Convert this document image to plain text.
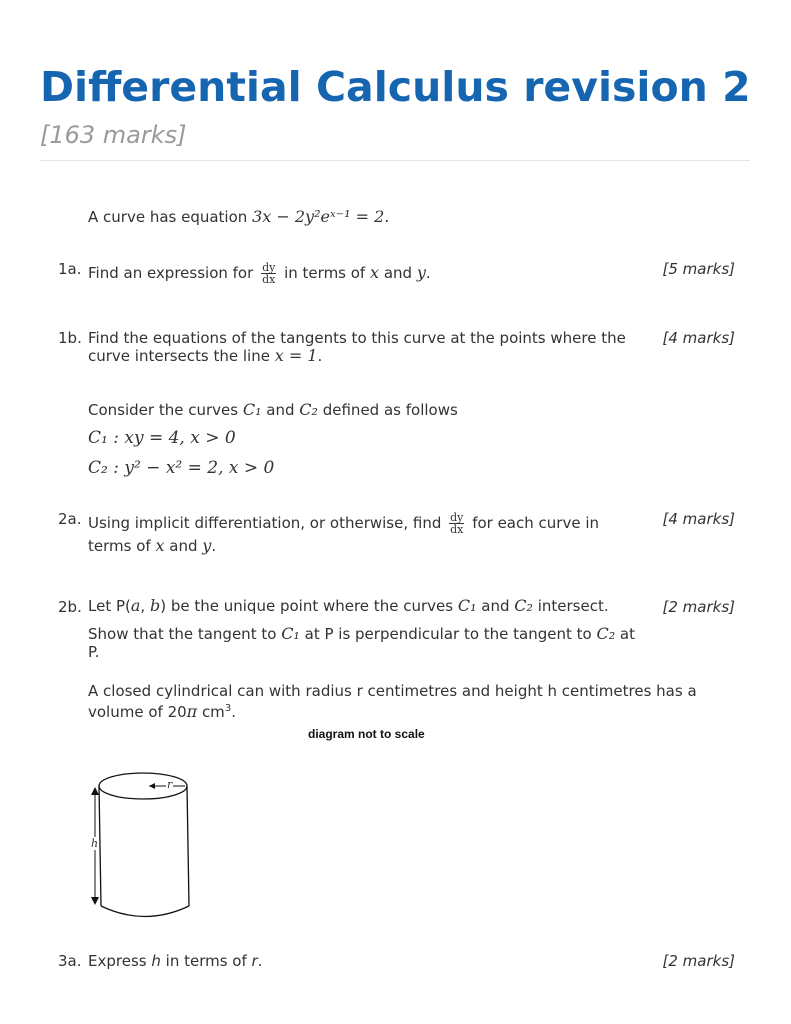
Differential Calculus revision 2 [163 marks]
A curve has equation 3x − 2y²eˣ⁻¹ = 2.
1a. Find an expression for $\frac{dy}{dx}$ in terms of x and y.	[5 marks]
1b. Find the equations of the tangents to this curve at the points where the
curve intersects the line x = 1.
[4 marks]
Consider the curves C₁ and C₂ defined as follows
C₁ : xy = 4, x > 0
C₂ : y² − x² = 2, x > 0
2a. Using implicit differentiation, or otherwise, find $\frac{dy}{dx}$ for each curve in
terms of x and y.
[4 marks]
2b. Let P(a, b) be the unique point where the curves C₁ and C₂ intersect.
Show that the tangent to C₁ at P is perpendicular to the tangent to C₂ at P.
[2 marks]
A closed cylindrical can with radius r centimetres and height h centimetres has a
volume of 20π $cm^3$.
diagram not to scale
r
h
3a. Express h in terms of r.	[2 marks]
